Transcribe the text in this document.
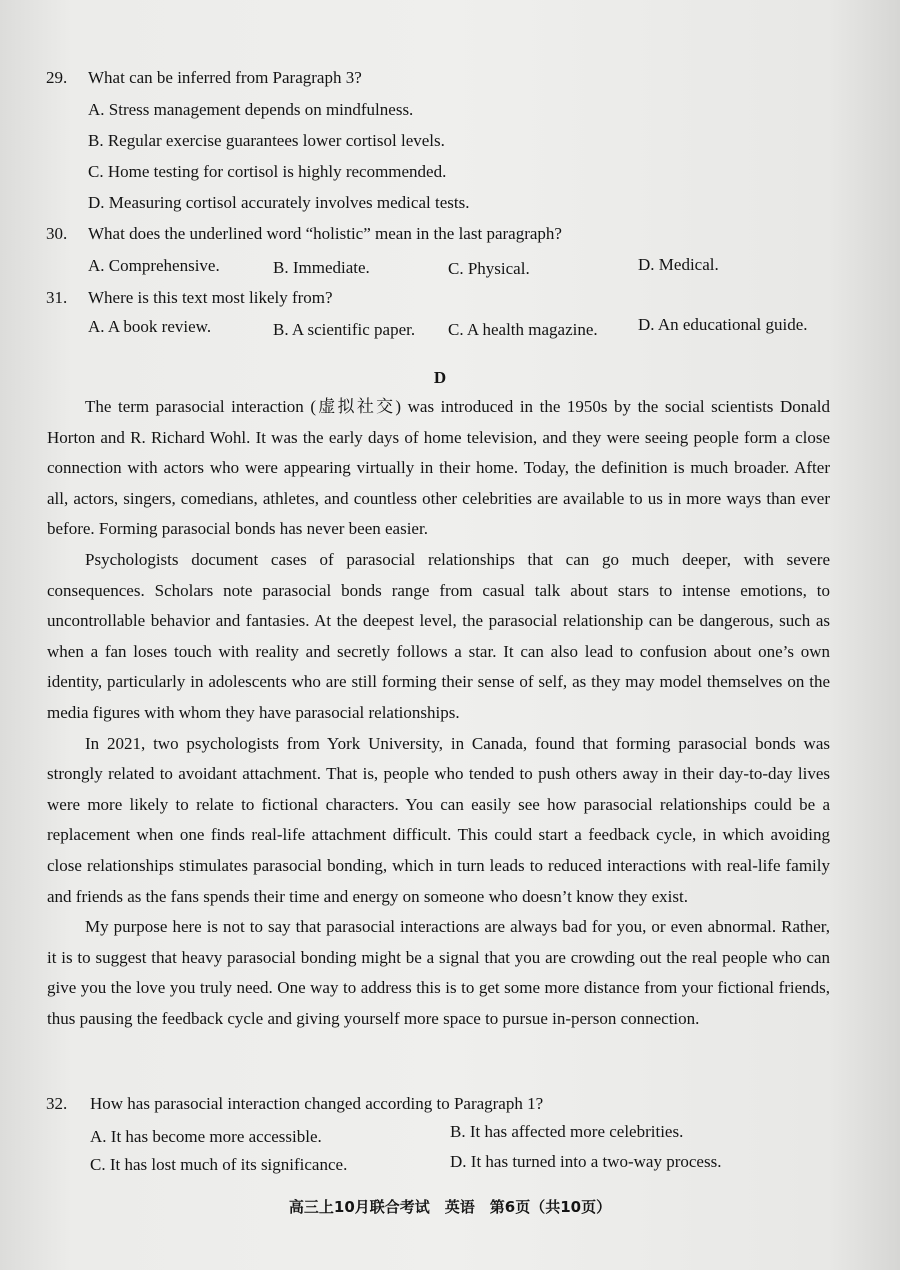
29. What can be inferred from Paragraph 3?
A. Stress management depends on mindfulness.
B. Regular exercise guarantees lower cortisol levels.
C. Home testing for cortisol is highly recommended.
D. Measuring cortisol accurately involves medical tests.
30. What does the underlined word “holistic” mean in the last paragraph?
A. Comprehensive.	B. Immediate.	C. Physical.	D. Medical.
31. Where is this text most likely from?
A. A book review.	B. A scientific paper. C. A health magazine. D. An educational guide.
D

The term parasocial interaction (虚拟社交) was introduced in the 1950s by the social scientists Donald Horton and R. Richard Wohl. It was the early days of home television, and they were seeing people form a close connection with actors who were appearing virtually in their home. Today, the definition is much broader. After all, actors, singers, comedians, athletes, and countless other celebrities are available to us in more ways than ever before. Forming parasocial bonds has never been easier.

Psychologists document cases of parasocial relationships that can go much deeper, with severe consequences. Scholars note parasocial bonds range from casual talk about stars to intense emotions, to uncontrollable behavior and fantasies. At the deepest level, the parasocial relationship can be dangerous, such as when a fan loses touch with reality and secretly follows a star. It can also lead to confusion about one’s own identity, particularly in adolescents who are still forming their sense of self, as they may model themselves on the media figures with whom they have parasocial relationships.

In 2021, two psychologists from York University, in Canada, found that forming parasocial bonds was strongly related to avoidant attachment. That is, people who tended to push others away in their day-to-day lives were more likely to relate to fictional characters. You can easily see how parasocial relationships could be a replacement when one finds real-life attachment difficult. This could start a feedback cycle, in which avoiding close relationships stimulates parasocial bonding, which in turn leads to reduced interactions with real-life family and friends as the fans spends their time and energy on someone who doesn’t know they exist.

My purpose here is not to say that parasocial interactions are always bad for you, or even abnormal. Rather, it is to suggest that heavy parasocial bonding might be a signal that you are crowding out the real people who can give you the love you truly need. One way to address this is to get some more distance from your fictional friends, thus pausing the feedback cycle and giving yourself more space to pursue in-person connection.

32. How has parasocial interaction changed according to Paragraph 1?
A. It has become more accessible.	B. It has affected more celebrities.
C. It has lost much of its significance.	D. It has turned into a two-way process.
高三上10月联合考试　英语　第6页（共10页）
